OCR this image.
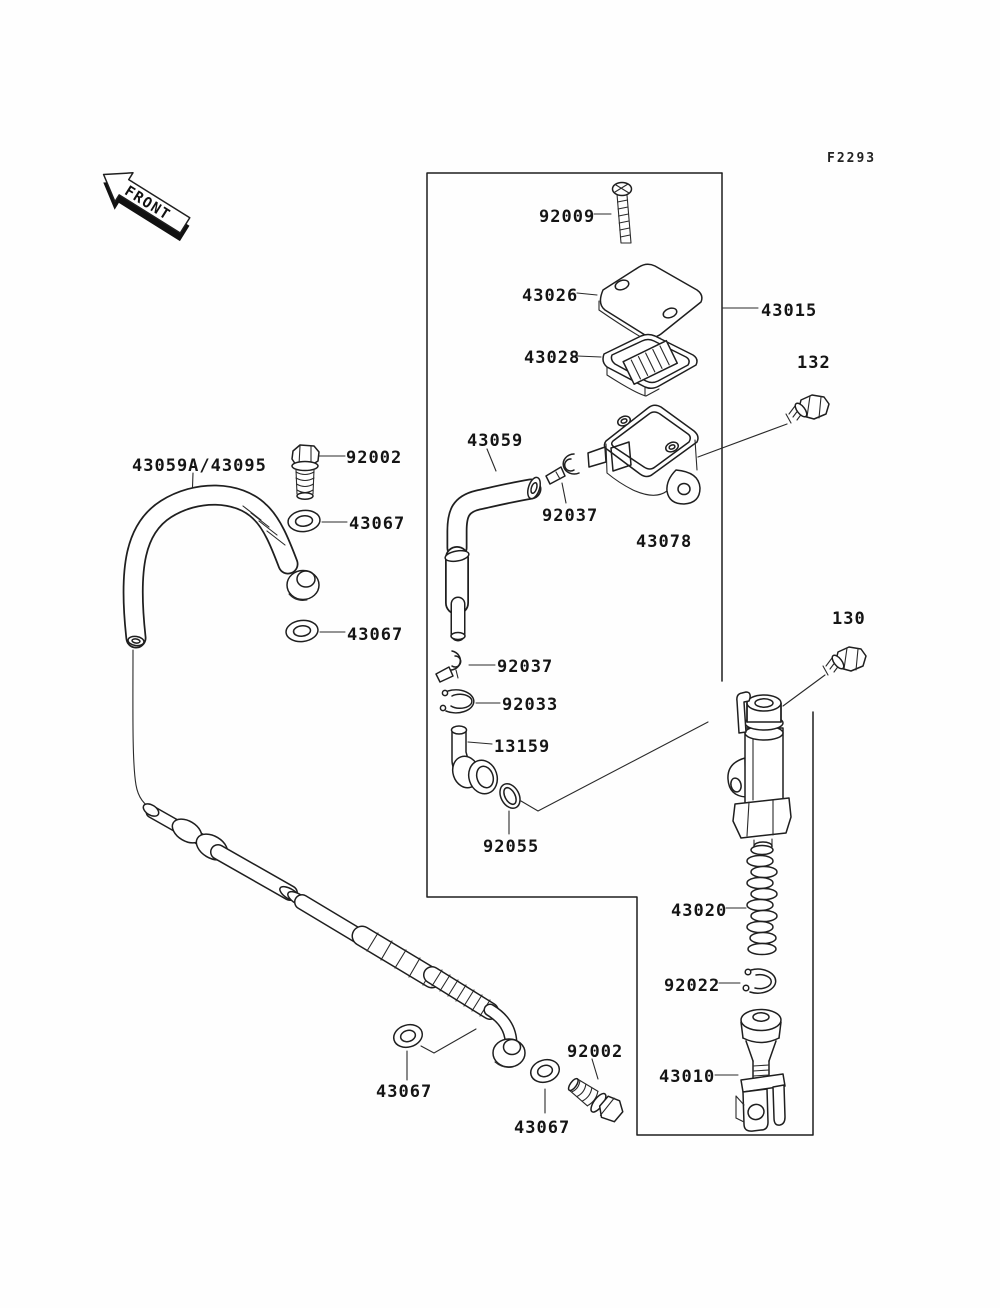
FRONT
F2293
92009
43026
43028
43015
132
43059
92037
43078
92002
43067
43059A/43095
43067
92037
92033
13159
92055
130
43020
92022
43010
92002
43067
43067
